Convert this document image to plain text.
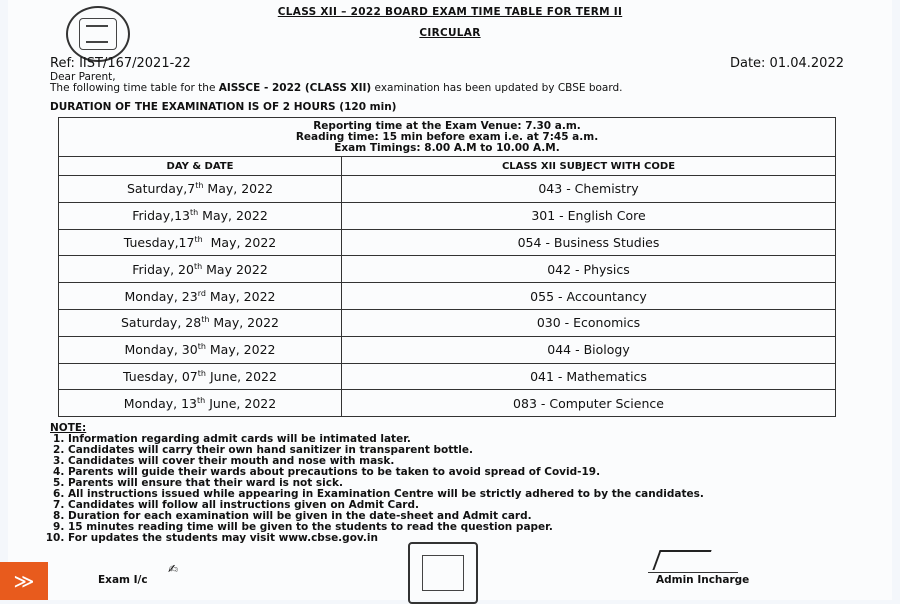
CLASS XII – 2022 BOARD EXAM TIME TABLE FOR TERM II
CIRCULAR
Ref: IIST/167/2021-22	Date: 01.04.2022
Dear Parent,
The following time table for the AISSCE - 2022 (CLASS XII) examination has been updated by CBSE board.
DURATION OF THE EXAMINATION IS OF 2 HOURS (120 min)
Reporting time at the Exam Venue: 7.30 a.m.
Reading time: 15 min before exam i.e. at 7:45 a.m.
Exam Timings: 8.00 A.M to 10.00 A.M.	

DAY & DATE	CLASS XII SUBJECT WITH CODE
Saturday,7th May, 2022	043 - Chemistry
Friday,13th May, 2022	301 - English Core
Tuesday,17th  May, 2022	054 - Business Studies
Friday, 20th May 2022	042 - Physics
Monday, 23rd May, 2022	055 - Accountancy
Saturday, 28th May, 2022	030 - Economics
Monday, 30th May, 2022	044 - Biology
Tuesday, 07th June, 2022	041 - Mathematics
Monday, 13th June, 2022	083 - Computer Science
NOTE:
1. Information regarding admit cards will be intimated later.
2. Candidates will carry their own hand sanitizer in transparent bottle.
3. Candidates will cover their mouth and nose with mask.
4. Parents will guide their wards about precautions to be taken to avoid spread of Covid-19.
5. Parents will ensure that their ward is not sick.
6. All instructions issued while appearing in Examination Centre will be strictly adhered to by the candidates.
7. Candidates will follow all instructions given on Admit Card.
8. Duration for each examination will be given in the date-sheet and Admit card.
9. 15 minutes reading time will be given to the students to read the question paper.
10. For updates the students may visit www.cbse.gov.in
✍
Exam I/c	Admin Incharge
≫
